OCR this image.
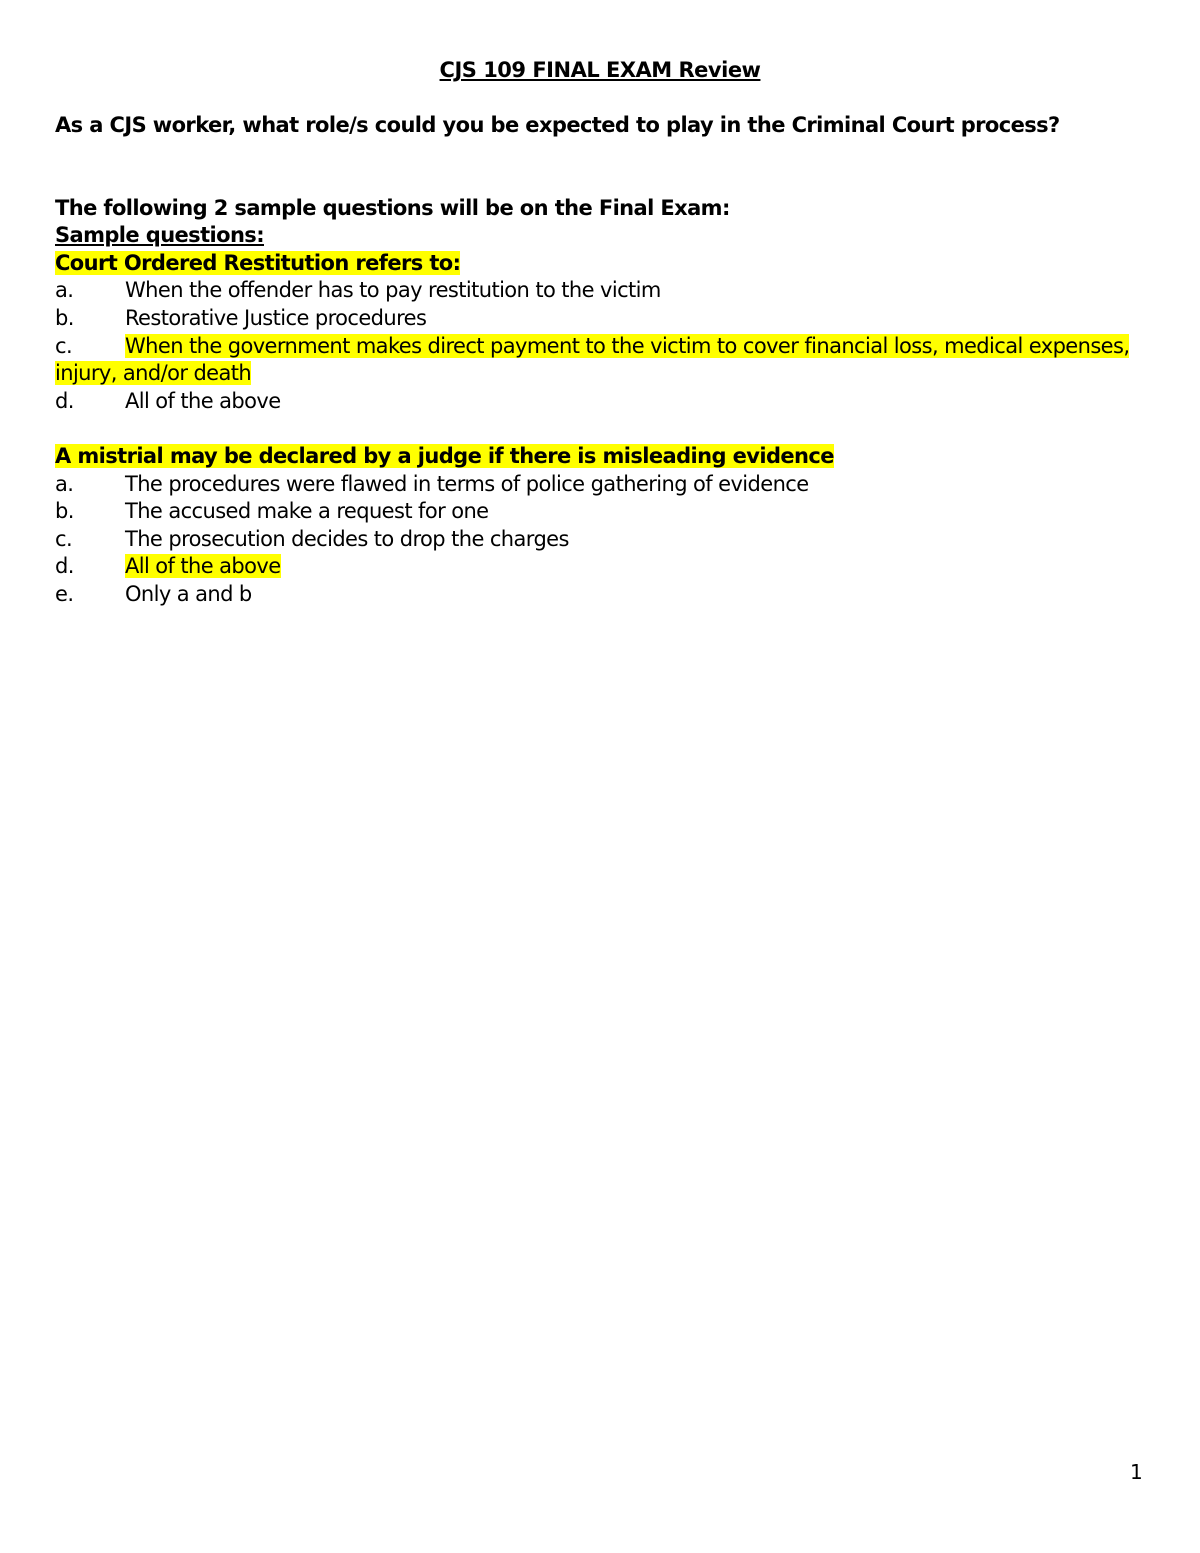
CJS 109 FINAL EXAM Review
As a CJS worker, what role/s could you be expected to play in the Criminal Court process?
The following 2 sample questions will be on the Final Exam:
Sample questions:
Court Ordered Restitution refers to:
a. When the offender has to pay restitution to the victim
b. Restorative Justice procedures
c.	When the government makes direct payment to the victim to cover financial loss, medical expenses, injury, and/or death
d. All of the above
A mistrial may be declared by a judge if there is misleading evidence
a. The procedures were flawed in terms of police gathering of evidence
b. The accused make a request for one
c.	The prosecution decides to drop the charges
d. All of the above
e. Only a and b
1
